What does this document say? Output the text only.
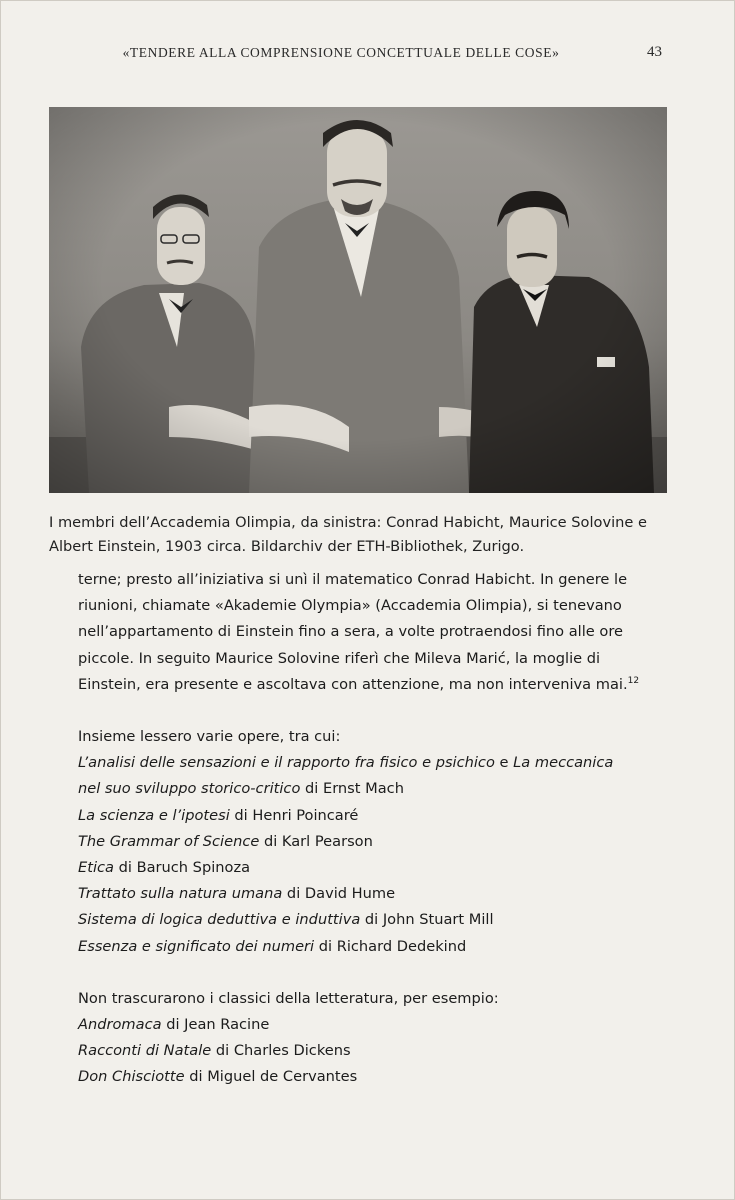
«TENDERE ALLA COMPRENSIONE CONCETTUALE DELLE COSE»	43
I membri dell’Accademia Olimpia, da sinistra: Conrad Habicht, Maurice Solovine e
Albert Einstein, 1903 circa. Bildarchiv der ETH-Bibliothek, Zurigo.

terne; presto all’iniziativa si unì il matematico Conrad Habicht. In genere le

riunioni, chiamate «Akademie Olympia» (Accademia Olimpia), si tenevano

nell’appartamento di Einstein fino a sera, a volte protraendosi fino alle ore

piccole. In seguito Maurice Solovine riferì che Mileva Marić, la moglie di

Einstein, era presente e ascoltava con attenzione, ma non interveniva mai.$^{12}$

Insieme lessero varie opere, tra cui:

L’analisi delle sensazioni e il rapporto fra fisico e psichico e La meccanica

nel suo sviluppo storico-critico di Ernst Mach

La scienza e l’ipotesi di Henri Poincaré

The Grammar of Science di Karl Pearson

Etica di Baruch Spinoza

Trattato sulla natura umana di David Hume

Sistema di logica deduttiva e induttiva di John Stuart Mill

Essenza e significato dei numeri di Richard Dedekind

Non trascurarono i classici della letteratura, per esempio:

Andromaca di Jean Racine

Racconti di Natale di Charles Dickens

Don Chisciotte di Miguel de Cervantes
